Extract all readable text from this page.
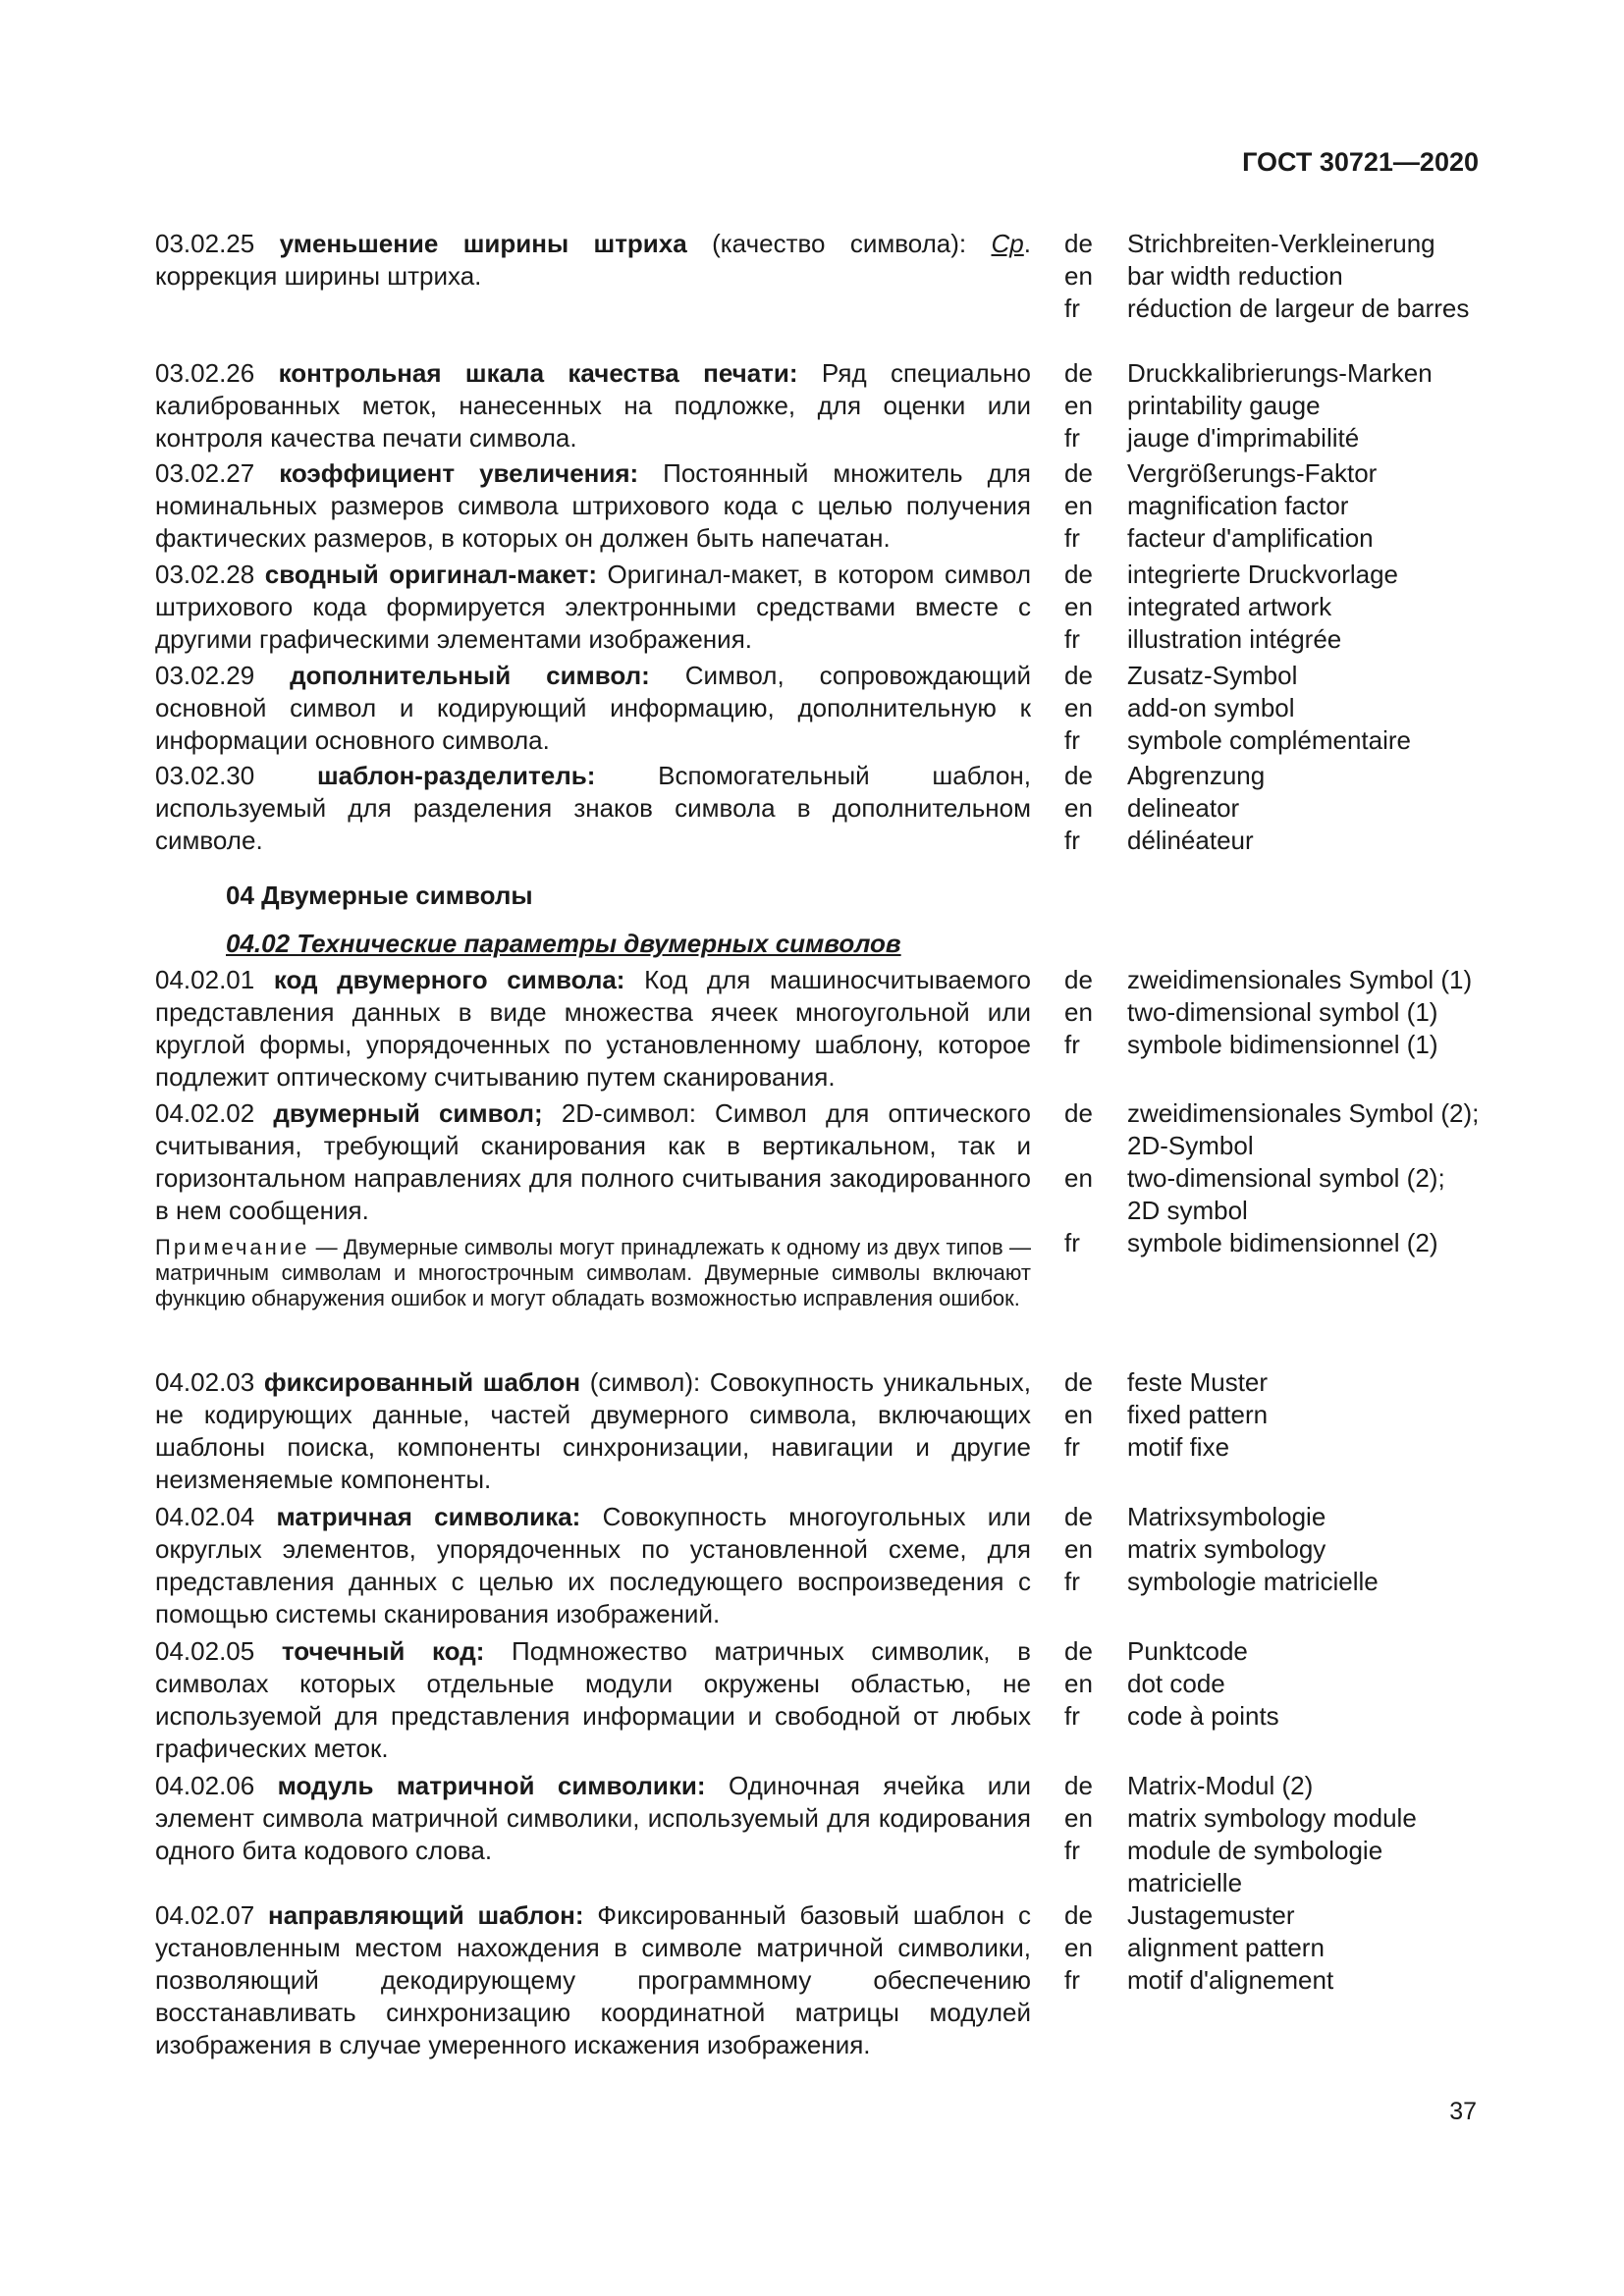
ГОСТ 30721—2020
03.02.25 уменьшение ширины штриха (качество символа): Ср. коррекция ширины штриха.
de	Strichbreiten-Verkleinerung
en	bar width reduction
fr	réduction de largeur de barres
03.02.26 контрольная шкала качества печати: Ряд специально калиброванных меток, нанесенных на подложке, для оценки или контроля качества печати символа.
de	Druckkalibrierungs-Marken
en	printability gauge
fr	jauge d'imprimabilité
03.02.27 коэффициент увеличения: Постоянный множитель для номинальных размеров символа штрихового кода с целью получения фактических размеров, в которых он должен быть напечатан.
de	Vergrößerungs-Faktor
en	magnification factor
fr	facteur d'amplification
03.02.28 сводный оригинал-макет: Оригинал-макет, в котором символ штрихового кода формируется электронными средствами вместе с другими графическими элементами изображения.
de	integrierte Druckvorlage
en	integrated artwork
fr	illustration intégrée
03.02.29 дополнительный символ: Символ, сопровождающий основной символ и кодирующий информацию, дополнительную к информации основного символа.
de	Zusatz-Symbol
en	add-on symbol
fr	symbole complémentaire
03.02.30 шаблон-разделитель: Вспомогательный шаблон, используемый для разделения знаков символа в дополнительном символе.
de	Abgrenzung
en	delineator
fr	délinéateur
04 Двумерные символы
04.02 Технические параметры двумерных символов
04.02.01 код двумерного символа: Код для машиносчитываемого представления данных в виде множества ячеек многоугольной или круглой формы, упорядоченных по установленному шаблону, которое подлежит оптическому считыванию путем сканирования.
de	zweidimensionales Symbol (1)
en	two-dimensional symbol (1)
fr	symbole bidimensionnel (1)
04.02.02 двумерный символ; 2D-символ: Символ для оптического считывания, требующий сканирования как в вертикальном, так и горизонтальном направлениях для полного считывания закодированного в нем сообщения.
Примечание — Двумерные символы могут принадлежать к одному из двух типов — матричным символам и многострочным символам. Двумерные символы включают функцию обнаружения ошибок и могут обладать возможностью исправления ошибок.
de	zweidimensionales Symbol (2); 2D-Symbol
en	two-dimensional symbol (2); 2D symbol
fr	symbole bidimensionnel (2)
04.02.03 фиксированный шаблон (символ): Совокупность уникальных, не кодирующих данные, частей двумерного символа, включающих шаблоны поиска, компоненты синхронизации, навигации и другие неизменяемые компоненты.
de	feste Muster
en	fixed pattern
fr	motif fixe
04.02.04 матричная символика: Совокупность многоугольных или округлых элементов, упорядоченных по установленной схеме, для представления данных с целью их последующего воспроизведения с помощью системы сканирования изображений.
de	Matrixsymbologie
en	matrix symbology
fr	symbologie matricielle
04.02.05 точечный код: Подмножество матричных символик, в символах которых отдельные модули окружены областью, не используемой для представления информации и свободной от любых графических меток.
de	Punktcode
en	dot code
fr	code à points
04.02.06 модуль матричной символики: Одиночная ячейка или элемент символа матричной символики, используемый для кодирования одного бита кодового слова.
de	Matrix-Modul (2)
en	matrix symbology module
fr	module de symbologie matricielle
04.02.07 направляющий шаблон: Фиксированный базовый шаблон с установленным местом нахождения в символе матричной символики, позволяющий декодирующему программному обеспечению восстанавливать синхронизацию координатной матрицы модулей изображения в случае умеренного искажения изображения.
de	Justagemuster
en	alignment pattern
fr	motif d'alignement
37
